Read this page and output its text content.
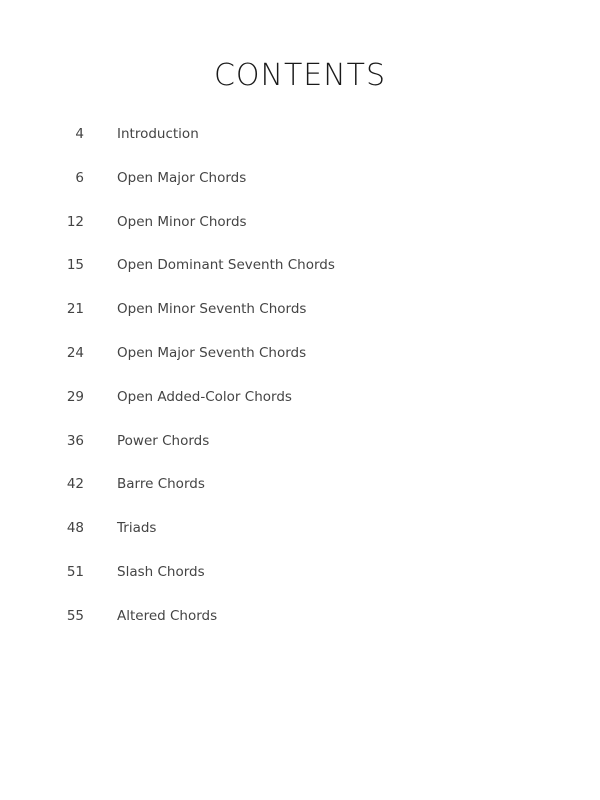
CONTENTS
4 Introduction
6 Open Major Chords
12 Open Minor Chords
15 Open Dominant Seventh Chords
21 Open Minor Seventh Chords
24 Open Major Seventh Chords
29 Open Added-Color Chords
36 Power Chords
42 Barre Chords
48 Triads
51 Slash Chords
55 Altered Chords
